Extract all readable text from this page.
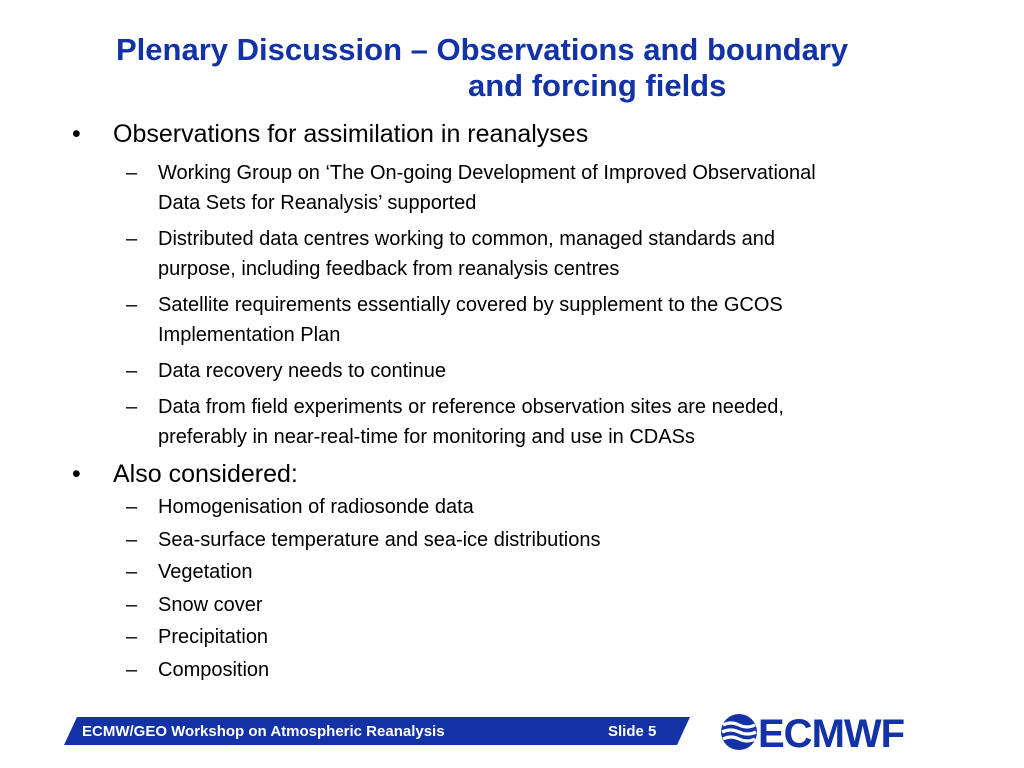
Plenary Discussion – Observations and boundary
and forcing fields
• Observations for assimilation in reanalyses
– Working Group on ‘The On-going Development of Improved Observational
Data Sets for Reanalysis’ supported
– Distributed data centres working to common, managed standards and
purpose, including feedback from reanalysis centres
– Satellite requirements essentially covered by supplement to the GCOS
Implementation Plan
– Data recovery needs to continue
– Data from field experiments or reference observation sites are needed,
preferably in near-real-time for monitoring and use in CDASs
• Also considered:
– Homogenisation of radiosonde data
– Sea-surface temperature and sea-ice distributions
– Vegetation
– Snow cover
– Precipitation
– Composition
ECMW/GEO Workshop on Atmospheric Reanalysis	Slide 5	ECMWF
